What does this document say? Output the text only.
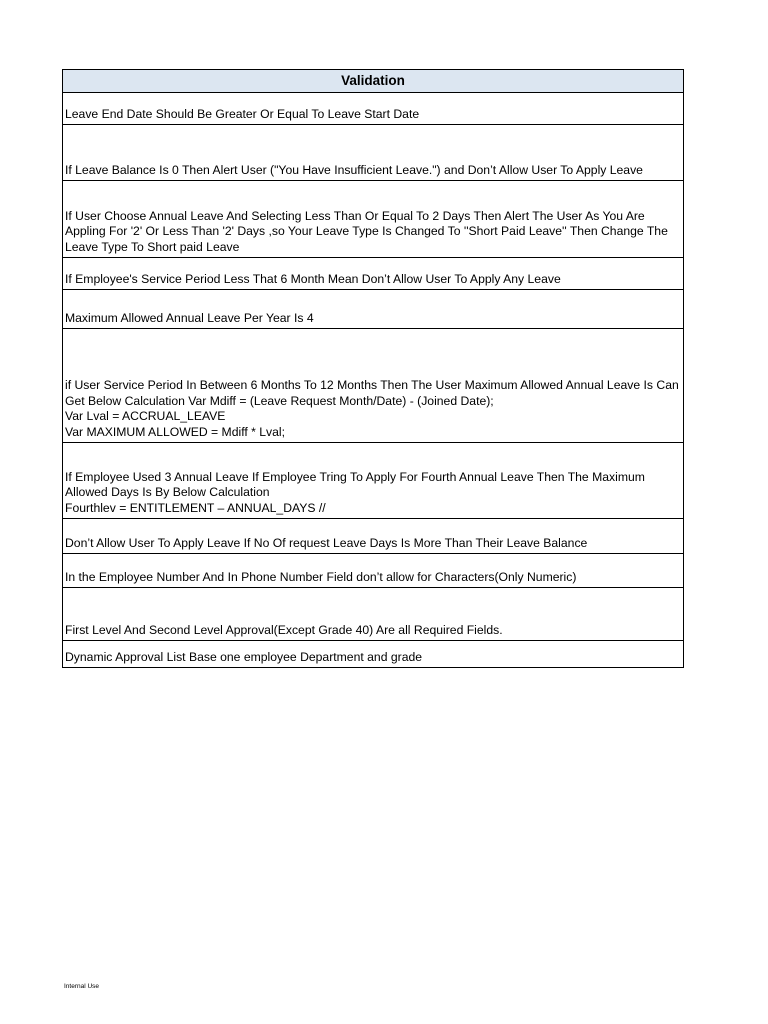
Validation
Leave End Date Should Be Greater Or Equal To Leave Start Date
If Leave Balance Is 0 Then Alert User ("You Have Insufficient Leave.") and Don’t Allow User To Apply Leave
If User Choose Annual Leave And Selecting Less Than Or Equal To 2 Days Then Alert The User As You Are Appling For '2' Or Less Than '2' Days ,so Your Leave Type Is Changed To ''Short Paid Leave'' Then Change The Leave Type To Short paid Leave
If Employee's Service Period Less That 6 Month Mean Don’t Allow User To Apply Any Leave
Maximum Allowed Annual Leave Per Year Is 4
if User Service Period In Between 6 Months To 12 Months Then The User Maximum Allowed Annual Leave Is Can Get Below Calculation Var Mdiff = (Leave Request Month/Date) - (Joined Date);
Var Lval = ACCRUAL_LEAVE
Var MAXIMUM ALLOWED = Mdiff * Lval;
If Employee Used 3 Annual Leave If Employee Tring To Apply For Fourth Annual Leave Then The Maximum Allowed Days Is By Below Calculation
Fourthlev = ENTITLEMENT – ANNUAL_DAYS //
Don’t Allow User To Apply Leave If No Of request Leave Days Is More Than Their Leave Balance
In the Employee Number And In Phone Number Field don’t allow for Characters(Only Numeric)
First Level And Second Level Approval(Except Grade 40) Are all Required Fields.
Dynamic Approval List Base one employee Department and grade
Internal Use
